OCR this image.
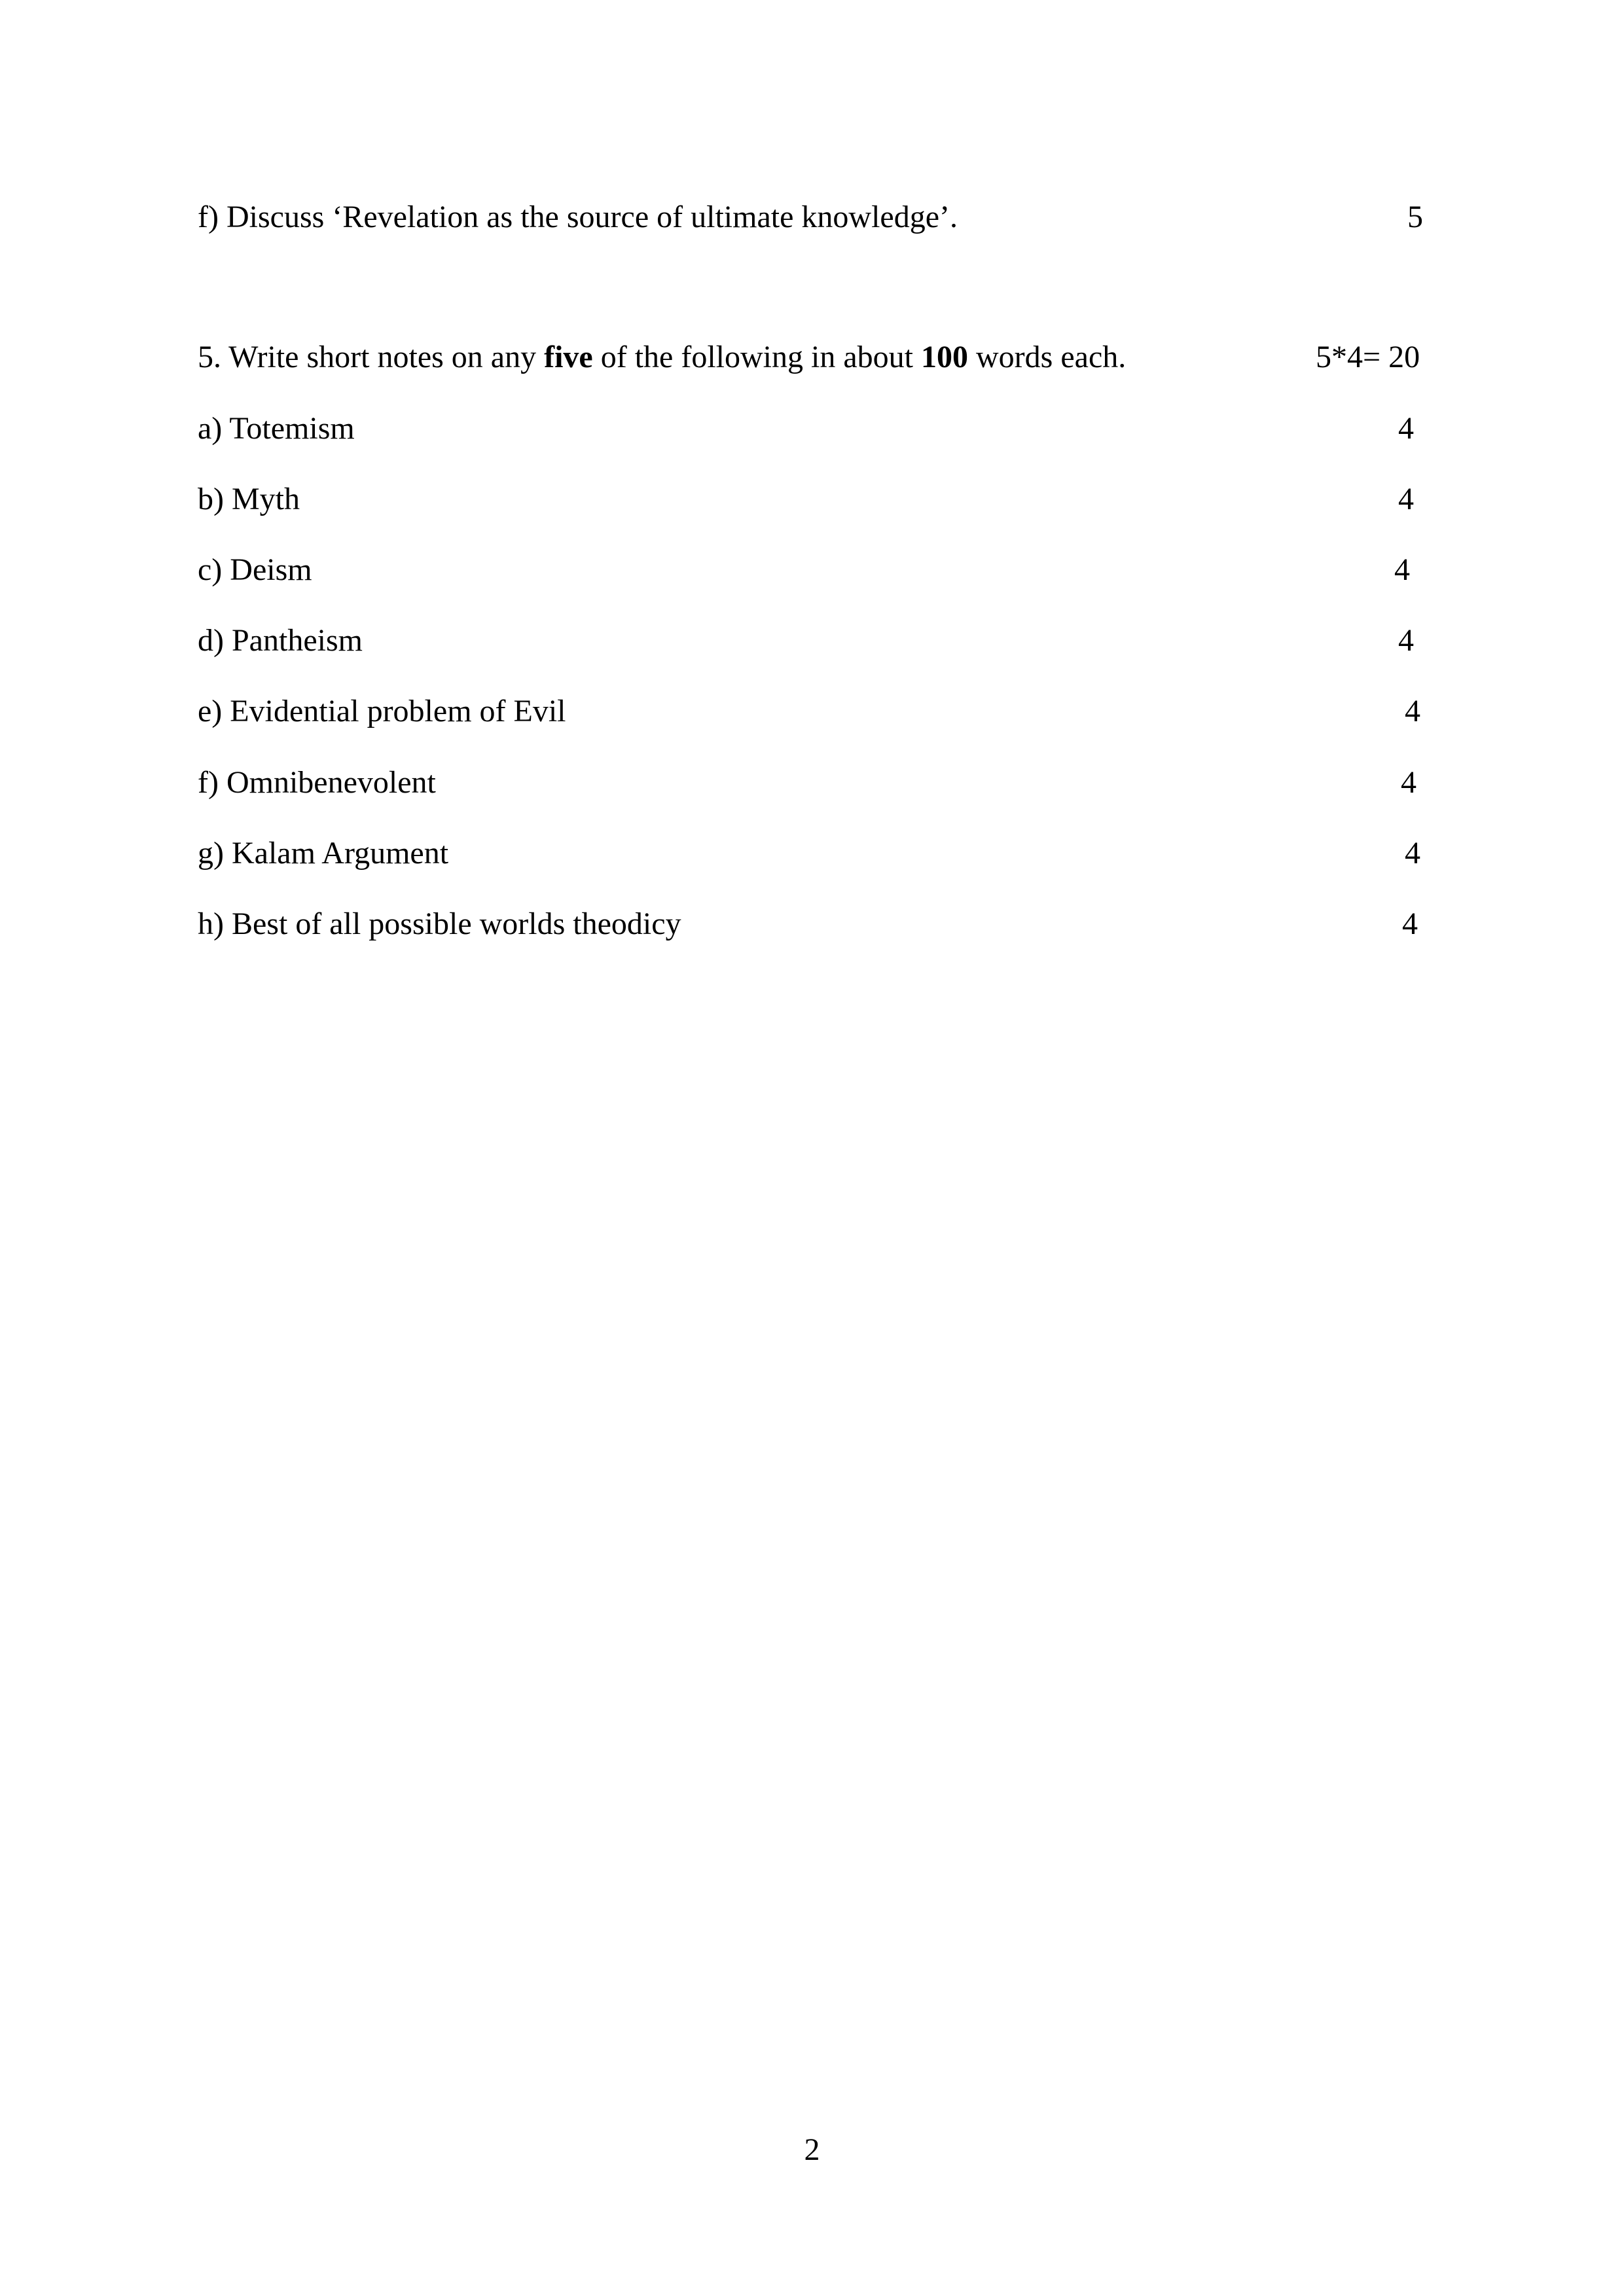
f) Discuss ‘Revelation as the source of ultimate knowledge’.	5
5. Write short notes on any five of the following in about 100 words each.	5*4= 20
a) Totemism	4
b) Myth	4
c) Deism	4
d) Pantheism	4
e) Evidential problem of Evil	4
f) Omnibenevolent	4
g) Kalam Argument	4
h) Best of all possible worlds theodicy	4
2
